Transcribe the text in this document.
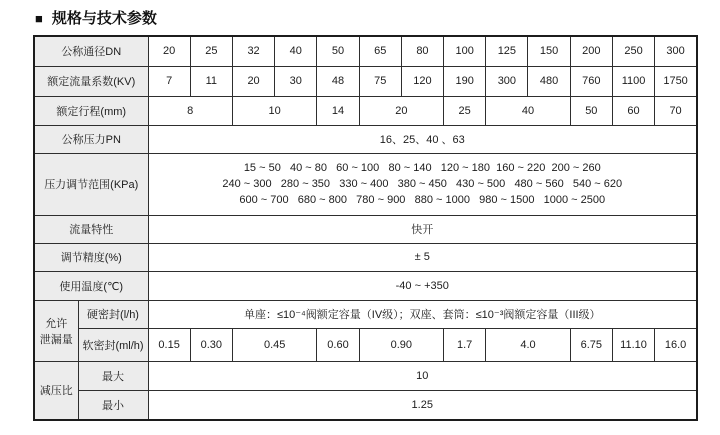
■ 规格与技术参数
公称通径DN		20	25	32	40	50	65	80	100	125	150	200	250	300
额定流量系数(KV)		7	11	20	30	48	75	120	190	300	480	760	1100	1750
额定行程(mm)		8		10		14	20		25	40		50	60	70
公称压力PN		16、25、40 、63												
压力调节范围(KPa)		15 ~ 50   40 ~ 80   60 ~ 100   80 ~ 140   120 ~ 180  160 ~ 220  200 ~ 260
240 ~ 300   280 ~ 350   330 ~ 400   380 ~ 450   430 ~ 500   480 ~ 560   540 ~ 620
600 ~ 700   680 ~ 800   780 ~ 900   880 ~ 1000   980 ~ 1500   1000 ~ 2500												

流量特性		快开												
调节精度(%)		± 5												
使用温度(℃)		-40 ~ +350												

允许
泄漏量	硬密封(l/h)	单座：≤10⁻⁴阀额定容量（IV级）；双座、套筒：≤10⁻³阀额定容量（III级）												
	软密封(ml/h)	0.15	0.30	0.45		0.60	0.90		1.7	4.0		6.75	11.10	16.0
减压比	最大	10												
	最小	1.25												
